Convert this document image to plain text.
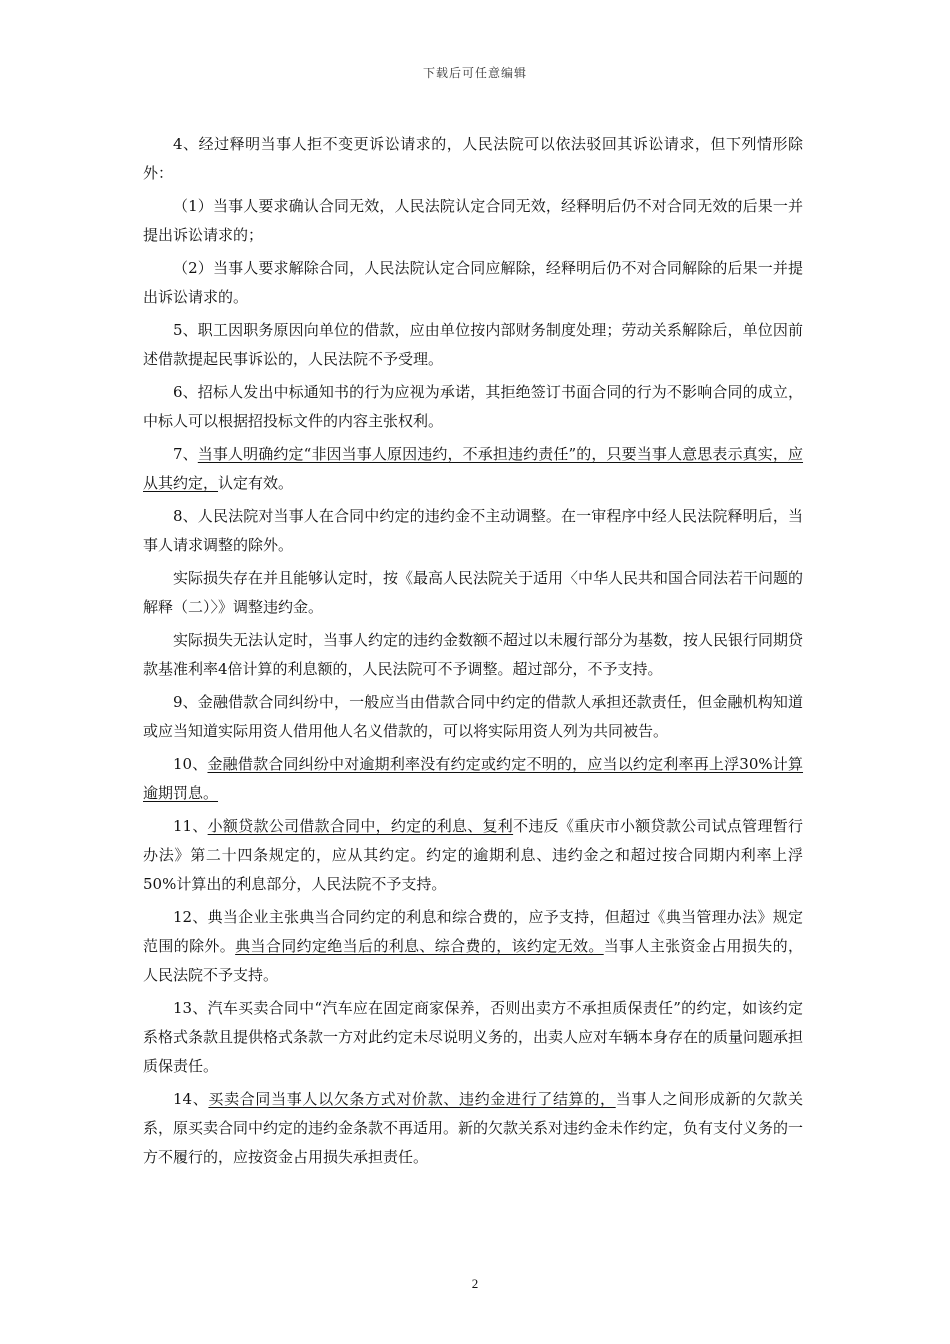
下载后可任意编辑

4、经过释明当事人拒不变更诉讼请求的，人民法院可以依法驳回其诉讼请求，但下列情形除外：

（1）当事人要求确认合同无效，人民法院认定合同无效，经释明后仍不对合同无效的后果一并提出诉讼请求的；

（2）当事人要求解除合同，人民法院认定合同应解除，经释明后仍不对合同解除的后果一并提出诉讼请求的。

5、职工因职务原因向单位的借款，应由单位按内部财务制度处理；劳动关系解除后，单位因前述借款提起民事诉讼的，人民法院不予受理。

6、招标人发出中标通知书的行为应视为承诺，其拒绝签订书面合同的行为不影响合同的成立，中标人可以根据招投标文件的内容主张权利。

7、当事人明确约定“非因当事人原因违约，不承担违约责任”的，只要当事人意思表示真实，应从其约定，认定有效。

8、人民法院对当事人在合同中约定的违约金不主动调整。在一审程序中经人民法院释明后，当事人请求调整的除外。

实际损失存在并且能够认定时，按《最高人民法院关于适用〈中华人民共和国合同法若干问题的解释（二）〉》调整违约金。

实际损失无法认定时，当事人约定的违约金数额不超过以未履行部分为基数，按人民银行同期贷款基准利率4倍计算的利息额的，人民法院可不予调整。超过部分，不予支持。

9、金融借款合同纠纷中，一般应当由借款合同中约定的借款人承担还款责任，但金融机构知道或应当知道实际用资人借用他人名义借款的，可以将实际用资人列为共同被告。

10、金融借款合同纠纷中对逾期利率没有约定或约定不明的，应当以约定利率再上浮30%计算逾期罚息。

11、小额贷款公司借款合同中，约定的利息、复利不违反《重庆市小额贷款公司试点管理暂行办法》第二十四条规定的，应从其约定。约定的逾期利息、违约金之和超过按合同期内利率上浮50%计算出的利息部分，人民法院不予支持。

12、典当企业主张典当合同约定的利息和综合费的，应予支持，但超过《典当管理办法》规定范围的除外。典当合同约定绝当后的利息、综合费的，该约定无效。当事人主张资金占用损失的，人民法院不予支持。

13、汽车买卖合同中“汽车应在固定商家保养，否则出卖方不承担质保责任”的约定，如该约定系格式条款且提供格式条款一方对此约定未尽说明义务的，出卖人应对车辆本身存在的质量问题承担质保责任。

14、买卖合同当事人以欠条方式对价款、违约金进行了结算的，当事人之间形成新的欠款关系，原买卖合同中约定的违约金条款不再适用。新的欠款关系对违约金未作约定，负有支付义务的一方不履行的，应按资金占用损失承担责任。

2
